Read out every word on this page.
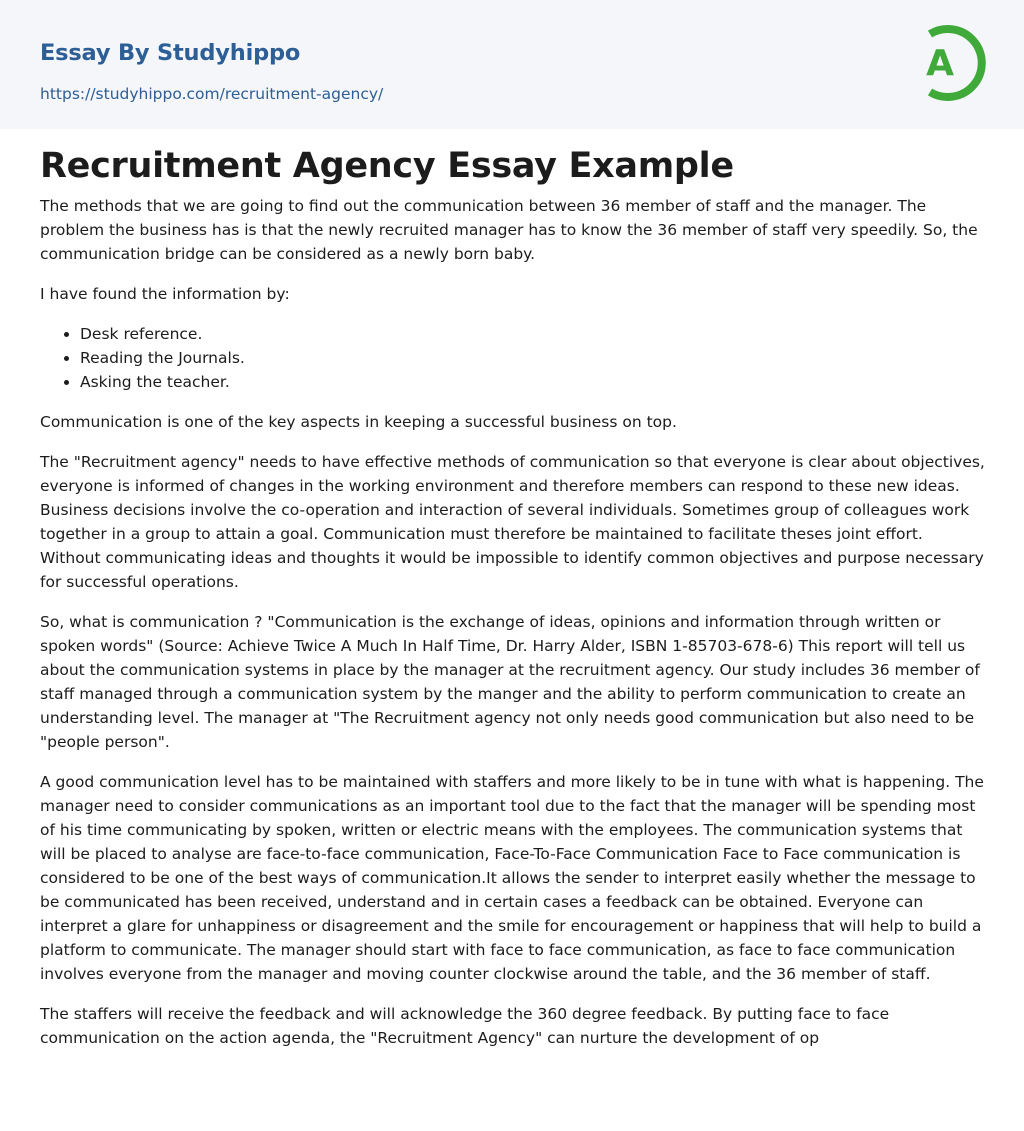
Essay By Studyhippo
https://studyhippo.com/recruitment-agency/
A
Recruitment Agency Essay Example

The methods that we are going to find out the communication between 36 member of staff and the manager. The problem the business has is that the newly recruited manager has to know the 36 member of staff very speedily. So, the communication bridge can be considered as a newly born baby.

I have found the information by:

• Desk reference.
• Reading the Journals.
• Asking the teacher.

Communication is one of the key aspects in keeping a successful business on top.

The "Recruitment agency" needs to have effective methods of communication so that everyone is clear about objectives, everyone is informed of changes in the working environment and therefore members can respond to these new ideas. Business decisions involve the co-operation and interaction of several individuals. Sometimes group of colleagues work together in a group to attain a goal. Communication must therefore be maintained to facilitate theses joint effort. Without communicating ideas and thoughts it would be impossible to identify common objectives and purpose necessary for successful operations.

So, what is communication ? "Communication is the exchange of ideas, opinions and information through written or spoken words" (Source: Achieve Twice A Much In Half Time, Dr. Harry Alder, ISBN 1-85703-678-6) This report will tell us about the communication systems in place by the manager at the recruitment agency. Our study includes 36 member of staff managed through a communication system by the manger and the ability to perform communication to create an understanding level. The manager at "The Recruitment agency not only needs good communication but also need to be "people person".

A good communication level has to be maintained with staffers and more likely to be in tune with what is happening. The manager need to consider communications as an important tool due to the fact that the manager will be spending most of his time communicating by spoken, written or electric means with the employees. The communication systems that will be placed to analyse are face-to-face communication, Face-To-Face Communication Face to Face communication is considered to be one of the best ways of communication.It allows the sender to interpret easily whether the message to be communicated has been received, understand and in certain cases a feedback can be obtained. Everyone can interpret a glare for unhappiness or disagreement and the smile for encouragement or happiness that will help to build a platform to communicate. The manager should start with face to face communication, as face to face communication involves everyone from the manager and moving counter clockwise around the table, and the 36 member of staff.

The staffers will receive the feedback and will acknowledge the 360 degree feedback. By putting face to face communication on the action agenda, the "Recruitment Agency" can nurture the development of op
